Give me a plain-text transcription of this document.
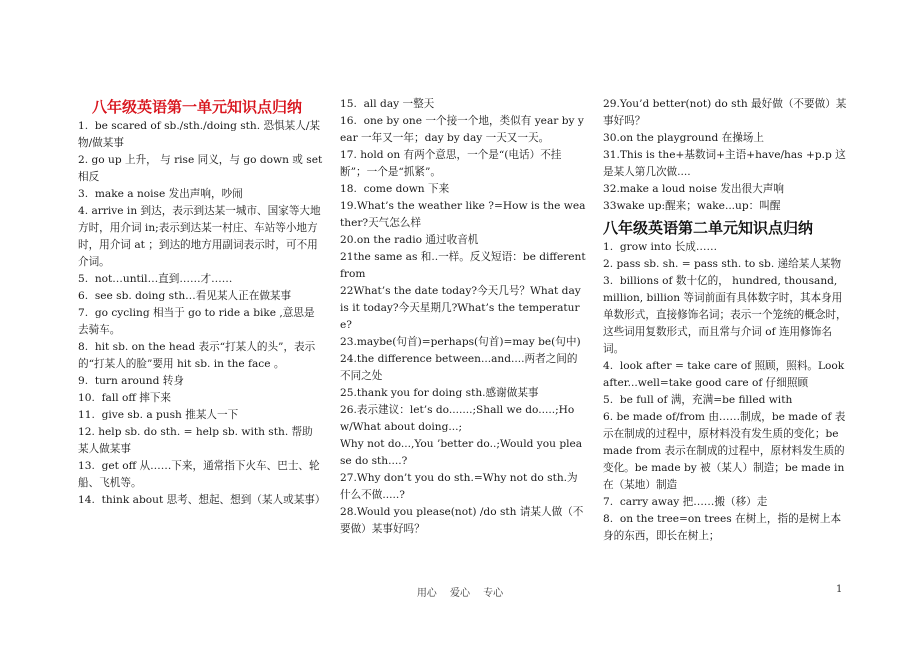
八年级英语第一单元知识点归纳

1.  be scared of sb./sth./doing sth. 恐惧某人/某物/做某事

2. go up 上升， 与 rise 同义，与 go down 或 set 相反

3.  make a noise 发出声响，吵闹

4. arrive in 到达，表示到达某一城市、国家等大地方时，用介词 in;表示到达某一村庄、车站等小地方时，用介词 at ；到达的地方用副词表示时，可不用介词。

5.  not…until…直到……才……

6.  see sb. doing sth…看见某人正在做某事

7.  go cycling 相当于 go to ride a bike ,意思是去骑车。

8.  hit sb. on the head 表示“打某人的头”，表示的“打某人的脸”要用 hit sb. in the face 。

9.  turn around 转身

10.  fall off 摔下来

11.  give sb. a push 推某人一下

12. help sb. do sth. = help sb. with sth. 帮助某人做某事

13.  get off 从……下来，通常指下火车、巴士、轮船、飞机等。

14.  think about 思考、想起、想到（某人或某事）

15.  all day 一整天

16.  one by one 一个接一个地，类似有 year by year 一年又一年；day by day 一天又一天。

17. hold on 有两个意思，一个是“(电话）不挂断”；一个是“抓紧”。

18.  come down 下来

19.What’s the weather like ?=How is the weather?天气怎么样

20.on the radio 通过收音机

21the same as 和..一样。反义短语：be different from

22What’s the date today?今天几号？What day is it today?今天星期几?What’s the temperature?

23.maybe(句首)=perhaps(句首)=may be(句中)

24.the difference between...and....两者之间的不同之处

25.thank you for doing sth.感谢做某事

26.表示建议：let’s do.......;Shall we do.....;How/What about doing...;

Why not do...,You ’better do..;Would you please do sth....?

27.Why don’t you do sth.=Why not do sth.为什么不做.....?

28.Would you please(not) /do sth 请某人做（不要做）某事好吗？

29.You’d better(not) do sth 最好做（不要做）某事好吗？

30.on the playground 在操场上

31.This is the+基数词+主语+have/has +p.p 这是某人第几次做....

32.make a loud noise 发出很大声响

33wake up:醒来；wake...up：叫醒

八年级英语第二单元知识点归纳

1.  grow into 长成……

2. pass sb. sh. = pass sth. to sb. 递给某人某物

3.  billions of 数十亿的， hundred, thousand, million, billion 等词前面有具体数字时，其本身用单数形式，直接修饰名词；表示一个笼统的概念时，这些词用复数形式，而且常与介词 of 连用修饰名词。

4.  look after = take care of 照顾，照料。Look after...well=take good care of 仔细照顾

5.  be full of 满，充满=be filled with

6. be made of/from 由……制成，be made of 表示在制成的过程中，原材料没有发生质的变化；be made from 表示在制成的过程中，原材料发生质的变化。be made by 被（某人）制造；be made in 在（某地）制造

7.  carry away 把……搬（移）走

8.  on the tree=on trees 在树上，指的是树上本身的东西，即长在树上；

用心　 爱心　 专心	1
